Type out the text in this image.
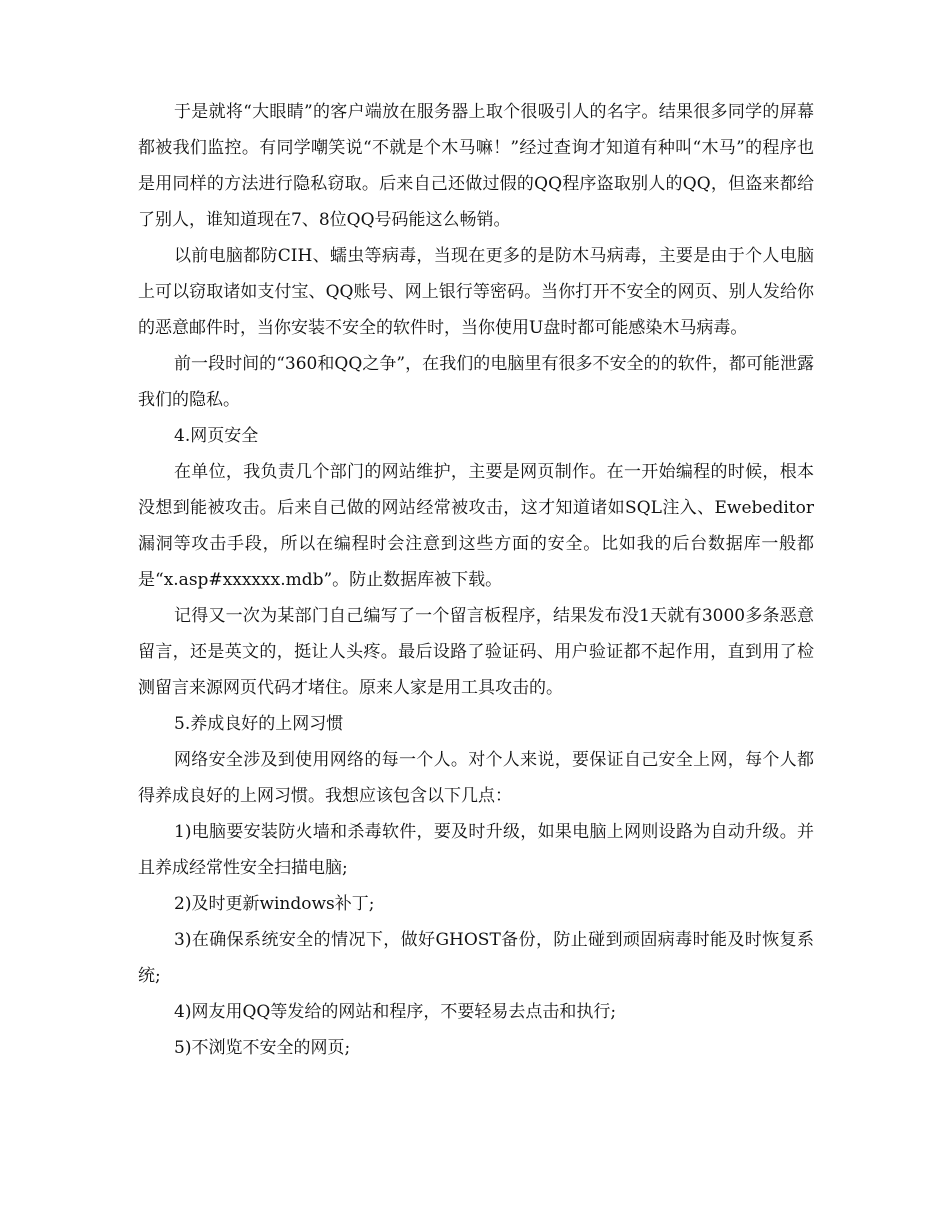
于是就将“大眼睛”的客户端放在服务器上取个很吸引人的名字。结果很多同学的屏幕都被我们监控。有同学嘲笑说“不就是个木马嘛！”经过查询才知道有种叫“木马”的程序也是用同样的方法进行隐私窃取。后来自己还做过假的QQ程序盗取别人的QQ，但盗来都给了别人，谁知道现在7、8位QQ号码能这么畅销。

以前电脑都防CIH、蠕虫等病毒，当现在更多的是防木马病毒，主要是由于个人电脑上可以窃取诸如支付宝、QQ账号、网上银行等密码。当你打开不安全的网页、别人发给你的恶意邮件时，当你安装不安全的软件时，当你使用U盘时都可能感染木马病毒。

前一段时间的“360和QQ之争”，在我们的电脑里有很多不安全的的软件，都可能泄露我们的隐私。

4.网页安全

在单位，我负责几个部门的网站维护，主要是网页制作。在一开始编程的时候，根本没想到能被攻击。后来自己做的网站经常被攻击，这才知道诸如SQL注入、Ewebeditor漏洞等攻击手段，所以在编程时会注意到这些方面的安全。比如我的后台数据库一般都是“x.asp#xxxxxx.mdb”。防止数据库被下载。

记得又一次为某部门自己编写了一个留言板程序，结果发布没1天就有3000多条恶意留言，还是英文的，挺让人头疼。最后设路了验证码、用户验证都不起作用，直到用了检测留言来源网页代码才堵住。原来人家是用工具攻击的。

5.养成良好的上网习惯

网络安全涉及到使用网络的每一个人。对个人来说，要保证自己安全上网，每个人都得养成良好的上网习惯。我想应该包含以下几点：

1)电脑要安装防火墙和杀毒软件，要及时升级，如果电脑上网则设路为自动升级。并且养成经常性安全扫描电脑;

2)及时更新windows补丁;

3)在确保系统安全的情况下，做好GHOST备份，防止碰到顽固病毒时能及时恢复系统;

4)网友用QQ等发给的网站和程序，不要轻易去点击和执行;

5)不浏览不安全的网页;
